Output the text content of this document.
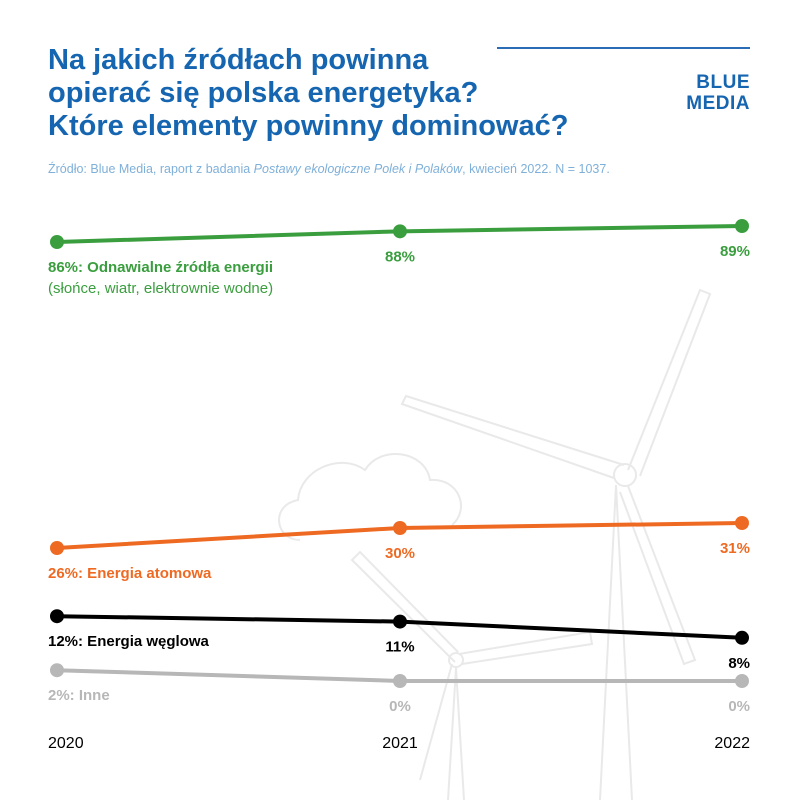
Na jakich źródłach powinna
opierać się polska energetyka?
Które elementy powinny dominować?
BLUE
MEDIA
Źródło: Blue Media, raport z badania Postawy ekologiczne Polek i Polaków, kwiecień 2022. N = 1037.
86%: Odnawialne źródła energii
(słońce, wiatr, elektrownie wodne)
88%	89%
26%: Energia atomowa
30%	31%
12%: Energia węglowa	11%
8%
2%: Inne
0%	0%
2020	2021	2022
